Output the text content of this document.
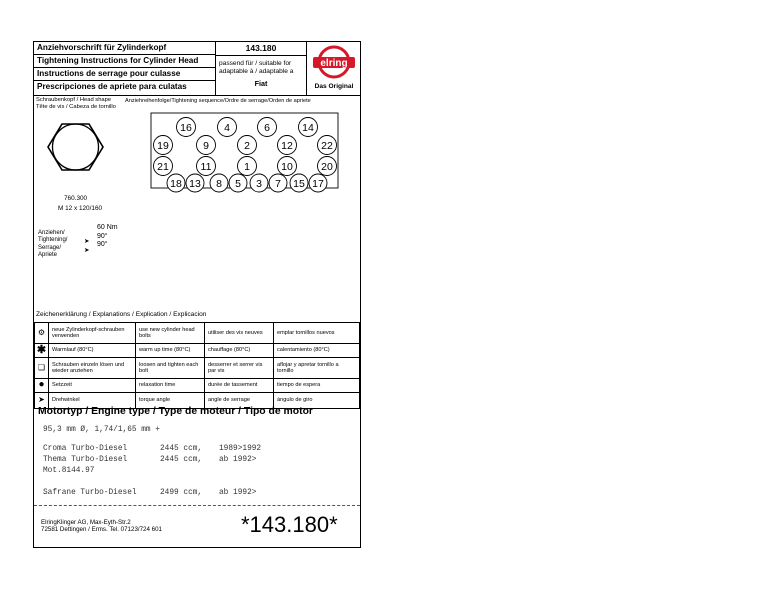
Anziehvorschrift für Zylinderkopf
Tightening Instructions for Cylinder Head
Instructions de serrage pour culasse
Prescripciones de apriete para culatas
143.180
passend für / suitable for
adaptable à / adaptable a
Fiat
elring
Das Original
Schraubenkopf / Head shape
Tête de vis / Cabeza de tornillo
Anziehreihenfolge/Tightening sequence/Ordre de serrage/Orden de apriete
16	4	6	14
19	9	2	12	22
21	11	1	10	20
18 13 8 5 3 7 15 17
760.300
M 12 x 120/160
Anziehen/
Tightening/
Serrage/
Apriete
➤
➤
60 Nm
90°
90°
Zeichenerklärung / Explanations / Explication / Explicacion
⚙	neue Zylinderkopf-schrauben verwenden	use new cylinder head bolts	utiliser des vis neuves	emplar tornillos nuevos
✱	Warmlauf (80°C)	warm up time (80°C)	chauffage (80°C)	calentamiento (80°C)
❏	Schrauben einzeln lösen und wieder anziehen	loosen and tighten each bolt	desserrer et serrer vis par vis	aflojar y apretar tornillo a tornillo
●	Setzzeit	relaxation time	durée de tassement	tiempo de espera
➤	Drehwinkel	torque angle	angle de serrage	ángulo de giro
Motortyp / Engine type / Type de moteur / Tipo de motor
95,3 mm Ø, 1,74/1,65 mm +
Croma Turbo-Diesel	2445 ccm, 1989>1992
Thema Turbo-Diesel	2445 ccm, ab 1992>
Mot.8144.97
Safrane Turbo-Diesel	2499 ccm, ab 1992>
ElringKlinger AG, Max-Eyth-Str.2
72581 Dettingen / Erms. Tel. 07123/724 601	*143.180*
